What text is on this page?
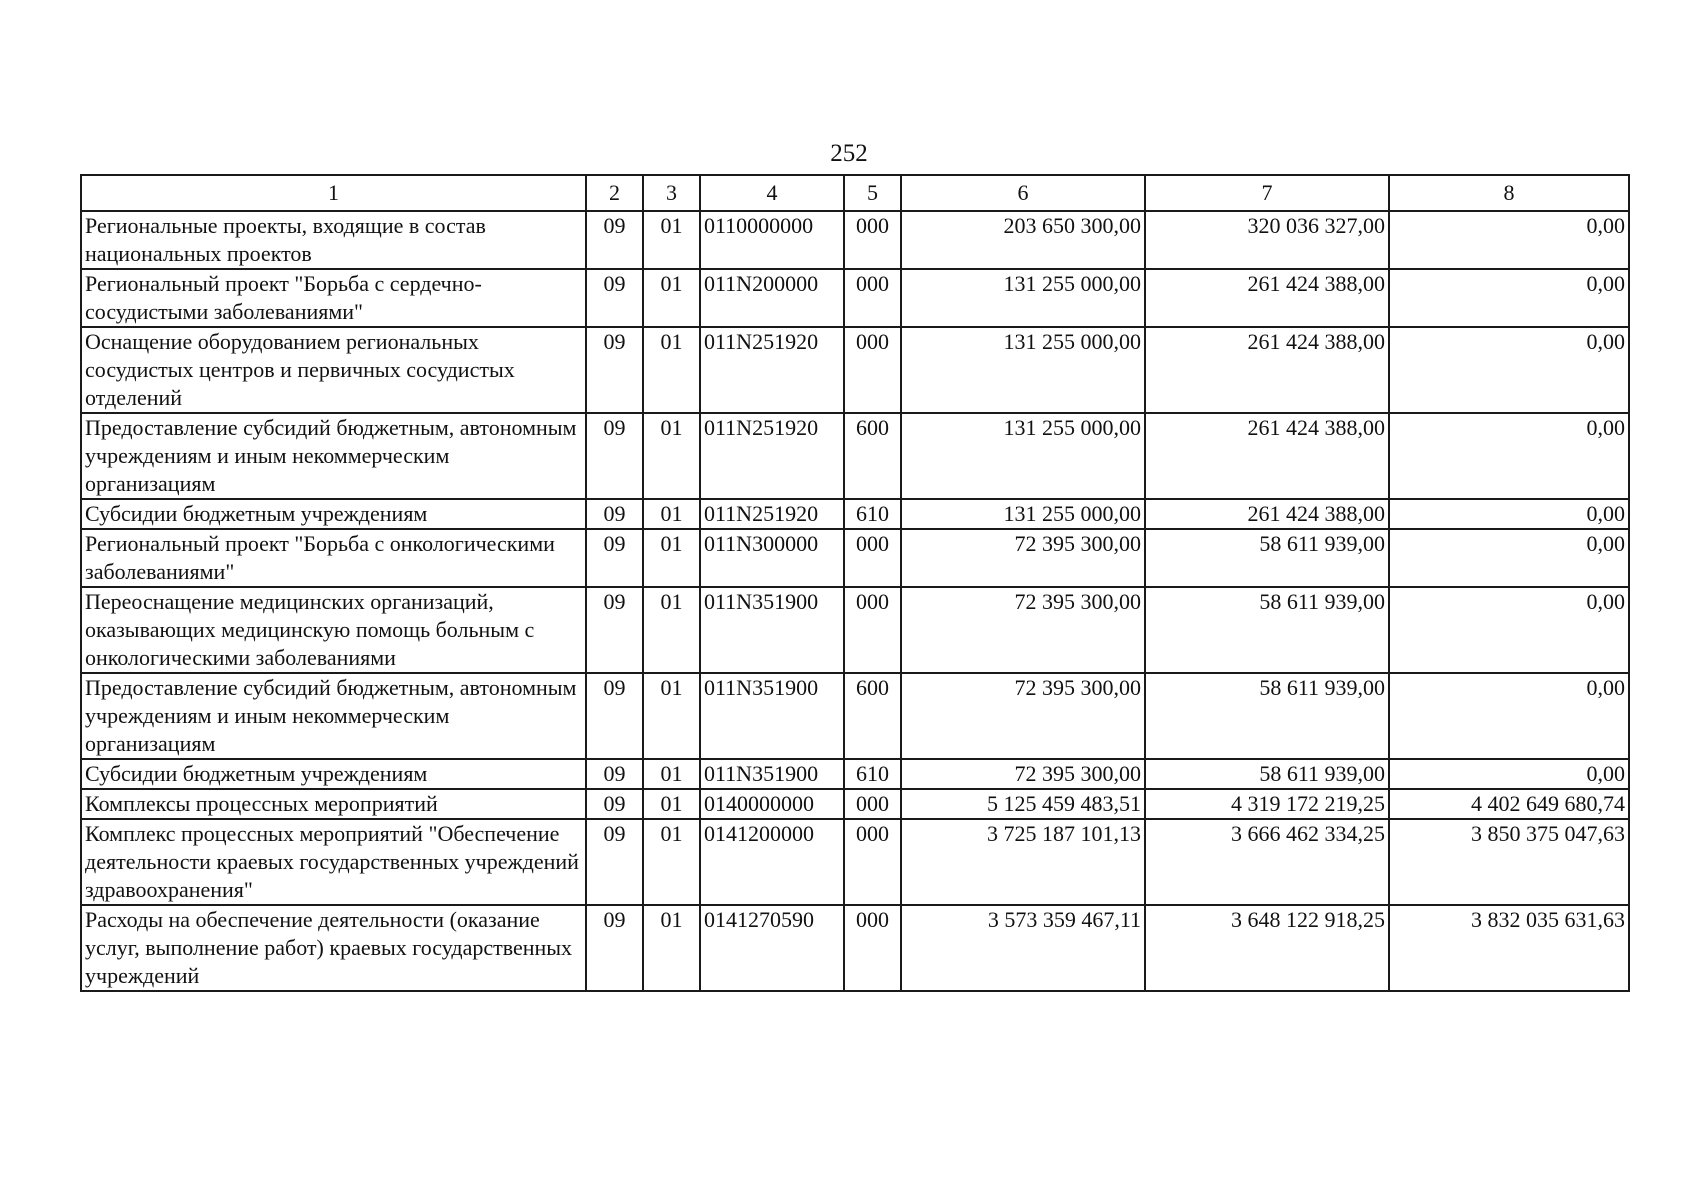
252
1	2	3	4	5	6	7	8
Региональные проекты, входящие в состав национальных проектов	09	01	0110000000	000	203 650 300,00	320 036 327,00	0,00
Региональный проект "Борьба с сердечно-сосудистыми заболеваниями"	09	01	011N200000	000	131 255 000,00	261 424 388,00	0,00
Оснащение оборудованием региональных сосудистых центров и первичных сосудистых отделений	09	01	011N251920	000	131 255 000,00	261 424 388,00	0,00
Предоставление субсидий бюджетным, автономным учреждениям и иным некоммерческим организациям	09	01	011N251920	600	131 255 000,00	261 424 388,00	0,00
Субсидии бюджетным учреждениям	09	01	011N251920	610	131 255 000,00	261 424 388,00	0,00
Региональный проект "Борьба с онкологическими заболеваниями"	09	01	011N300000	000	72 395 300,00	58 611 939,00	0,00
Переоснащение медицинских организаций, оказывающих медицинскую помощь больным с онкологическими заболеваниями	09	01	011N351900	000	72 395 300,00	58 611 939,00	0,00
Предоставление субсидий бюджетным, автономным учреждениям и иным некоммерческим организациям	09	01	011N351900	600	72 395 300,00	58 611 939,00	0,00
Субсидии бюджетным учреждениям	09	01	011N351900	610	72 395 300,00	58 611 939,00	0,00
Комплексы процессных мероприятий	09	01	0140000000	000	5 125 459 483,51	4 319 172 219,25	4 402 649 680,74
Комплекс процессных мероприятий "Обеспечение деятельности краевых государственных учреждений здравоохранения"	09	01	0141200000	000	3 725 187 101,13	3 666 462 334,25	3 850 375 047,63
Расходы на обеспечение деятельности (оказание услуг, выполнение работ) краевых государственных учреждений	09	01	0141270590	000	3 573 359 467,11	3 648 122 918,25	3 832 035 631,63
